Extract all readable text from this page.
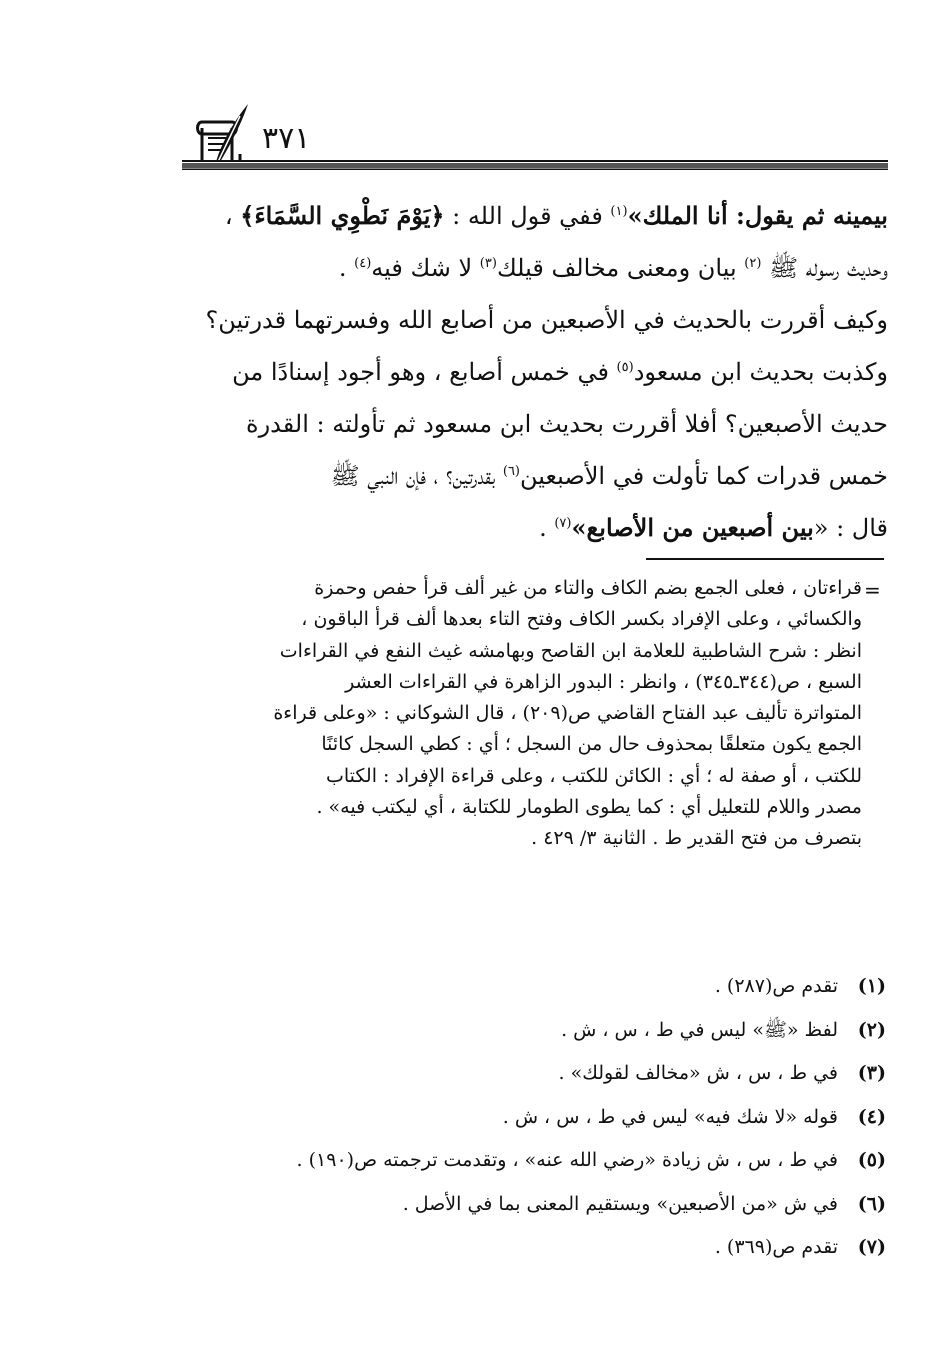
٣٧١

بيمينه ثم يقول: أنا الملك»$^{(١)}$ ففي قول الله : ﴿يَوْمَ نَطْوِي السَّمَاءَ﴾ ،

وحديث رسوله ﷺ $^{(٢)}$ بيان ومعنى مخالف قيلك$^{(٣)}$ لا شك فيه$^{(٤)}$ .

وكيف أقررت بالحديث في الأصبعين من أصابع الله وفسرتهما قدرتين؟

وكذبت بحديث ابن مسعود$^{(٥)}$ في خمس أصابع ، وهو أجود إسنادًا من

حديث الأصبعين؟ أفلا أقررت بحديث ابن مسعود ثم تأولته : القدرة

خمس قدرات كما تأولت في الأصبعين$^{(٦)}$ بقدرتين؟ ، فإن النبي ﷺ

قال : «بين أصبعين من الأصابع»$^{(٧)}$ .

=
قراءتان ، فعلى الجمع بضم الكاف والتاء من غير ألف قرأ حفص وحمزة
والكسائي ، وعلى الإفراد بكسر الكاف وفتح التاء بعدها ألف قرأ الباقون ،
انظر : شرح الشاطبية للعلامة ابن القاصح وبهامشه غيث النفع في القراءات
السبع ، ص(٣٤٤ـ٣٤٥) ، وانظر : البدور الزاهرة في القراءات العشر
المتواترة تأليف عبد الفتاح القاضي ص(٢٠٩) ، قال الشوكاني : «وعلى قراءة
الجمع يكون متعلقًا بمحذوف حال من السجل ؛ أي : كطي السجل كائنًا
للكتب ، أو صفة له ؛ أي : الكائن للكتب ، وعلى قراءة الإفراد : الكتاب
مصدر واللام للتعليل أي : كما يطوى الطومار للكتابة ، أي ليكتب فيه» .
بتصرف من فتح القدير ط . الثانية ٣/ ٤٢٩ .
(١)
تقدم ص(٢٨٧) .
(٢)
لفظ «ﷺ» ليس في ط ، س ، ش .
(٣)
في ط ، س ، ش «مخالف لقولك» .
(٤)
قوله «لا شك فيه» ليس في ط ، س ، ش .
(٥)
في ط ، س ، ش زيادة «رضي الله عنه» ، وتقدمت ترجمته ص(١٩٠) .
(٦)
في ش «من الأصبعين» ويستقيم المعنى بما في الأصل .
(٧)
تقدم ص(٣٦٩) .
